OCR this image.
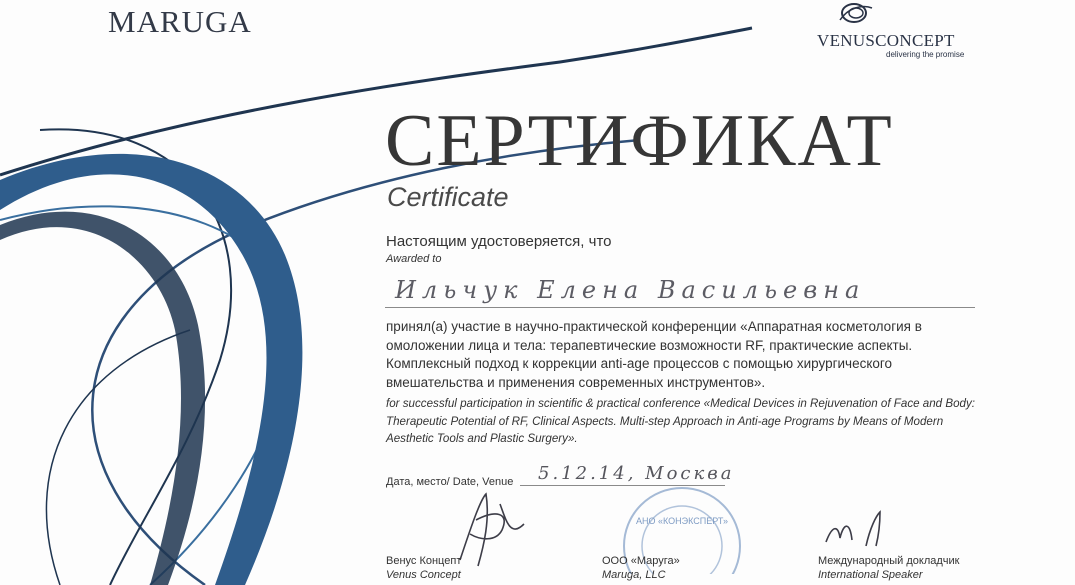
MARUGA
VENUSCONCEPT
delivering the promise
СЕРТИФИКАТ
Certificate
Настоящим удостоверяется, что
Awarded to
Ильчук Елена Васильевна
принял(а) участие в научно-практической конференции «Аппаратная косметология в омоложении лица и тела: терапевтические возможности RF, практические аспекты. Комплексный подход к коррекции anti-age процессов с помощью хирургического вмешательства и применения современных инструментов».
for successful participation in scientific & practical conference «Medical Devices in Rejuvenation of Face and Body: Therapeutic Potential of RF, Clinical Aspects. Multi-step Approach in Anti-age Programs by Means of Modern Aesthetic Tools and Plastic Surgery».
Дата, место/ Date, Venue 5.12.14, Москва
АНО «КОНЭКСПЕРТ»
Венус Концепт
Venus Concept
ООО «Маруга»
Maruga, LLC
Международный докладчик
International Speaker
